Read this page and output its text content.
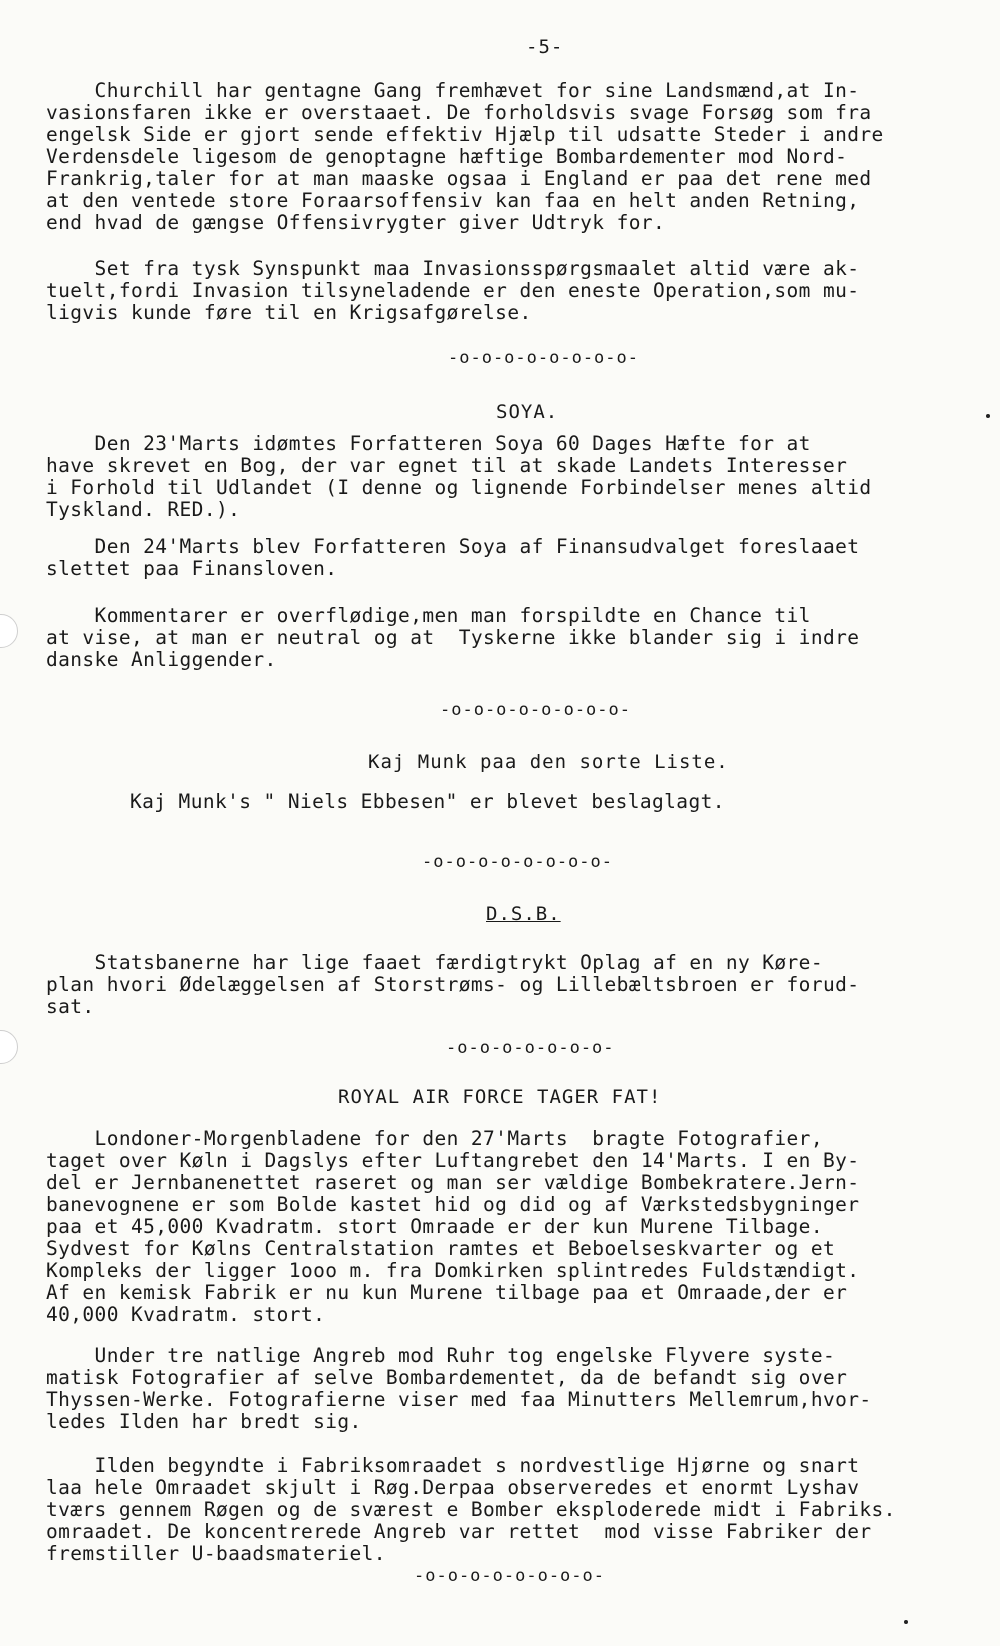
-5-
Churchill har gentagne Gang fremhævet for sine Landsmænd,at In-
vasionsfaren ikke er overstaaet. De forholdsvis svage Forsøg som fra
engelsk Side er gjort sende effektiv Hjælp til udsatte Steder i andre
Verdensdele ligesom de genoptagne hæftige Bombardementer mod Nord-
Frankrig,taler for at man maaske ogsaa i England er paa det rene med
at den ventede store Foraarsoffensiv kan faa en helt anden Retning,
end hvad de gængse Offensivrygter giver Udtryk for.
Set fra tysk Synspunkt maa Invasionsspørgsmaalet altid være ak-
tuelt,fordi Invasion tilsyneladende er den eneste Operation,som mu-
ligvis kunde føre til en Krigsafgørelse.
-o-o-o-o-o-o-o-o-
SOYA.
Den 23'Marts idømtes Forfatteren Soya 60 Dages Hæfte for at
have skrevet en Bog, der var egnet til at skade Landets Interesser
i Forhold til Udlandet (I denne og lignende Forbindelser menes altid
Tyskland. RED.).
Den 24'Marts blev Forfatteren Soya af Finansudvalget foreslaaet
slettet paa Finansloven.
Kommentarer er overflødige,men man forspildte en Chance til
at vise, at man er neutral og at  Tyskerne ikke blander sig i indre
danske Anliggender.
-o-o-o-o-o-o-o-o-
Kaj Munk paa den sorte Liste.
Kaj Munk's " Niels Ebbesen" er blevet beslaglagt.
-o-o-o-o-o-o-o-o-
D.S.B.
Statsbanerne har lige faaet færdigtrykt Oplag af en ny Køre-
plan hvori Ødelæggelsen af Storstrøms- og Lillebæltsbroen er forud-
sat.
-o-o-o-o-o-o-o-
ROYAL AIR FORCE TAGER FAT!
Londoner-Morgenbladene for den 27'Marts  bragte Fotografier,
taget over Køln i Dagslys efter Luftangrebet den 14'Marts. I en By-
del er Jernbanenettet raseret og man ser vældige Bombekratere.Jern-
banevognene er som Bolde kastet hid og did og af Værkstedsbygninger
paa et 45,000 Kvadratm. stort Omraade er der kun Murene Tilbage.
Sydvest for Kølns Centralstation ramtes et Beboelseskvarter og et
Kompleks der ligger 1ooo m. fra Domkirken splintredes Fuldstændigt.
Af en kemisk Fabrik er nu kun Murene tilbage paa et Omraade,der er
40,000 Kvadratm. stort.
Under tre natlige Angreb mod Ruhr tog engelske Flyvere syste-
matisk Fotografier af selve Bombardementet, da de befandt sig over
Thyssen-Werke. Fotografierne viser med faa Minutters Mellemrum,hvor-
ledes Ilden har bredt sig.
Ilden begyndte i Fabriksomraadet s nordvestlige Hjørne og snart
laa hele Omraadet skjult i Røg.Derpaa observeredes et enormt Lyshav
tværs gennem Røgen og de sværest e Bomber eksploderede midt i Fabriks.
omraadet. De koncentrerede Angreb var rettet  mod visse Fabriker der
fremstiller U-baadsmateriel.
-o-o-o-o-o-o-o-o-
